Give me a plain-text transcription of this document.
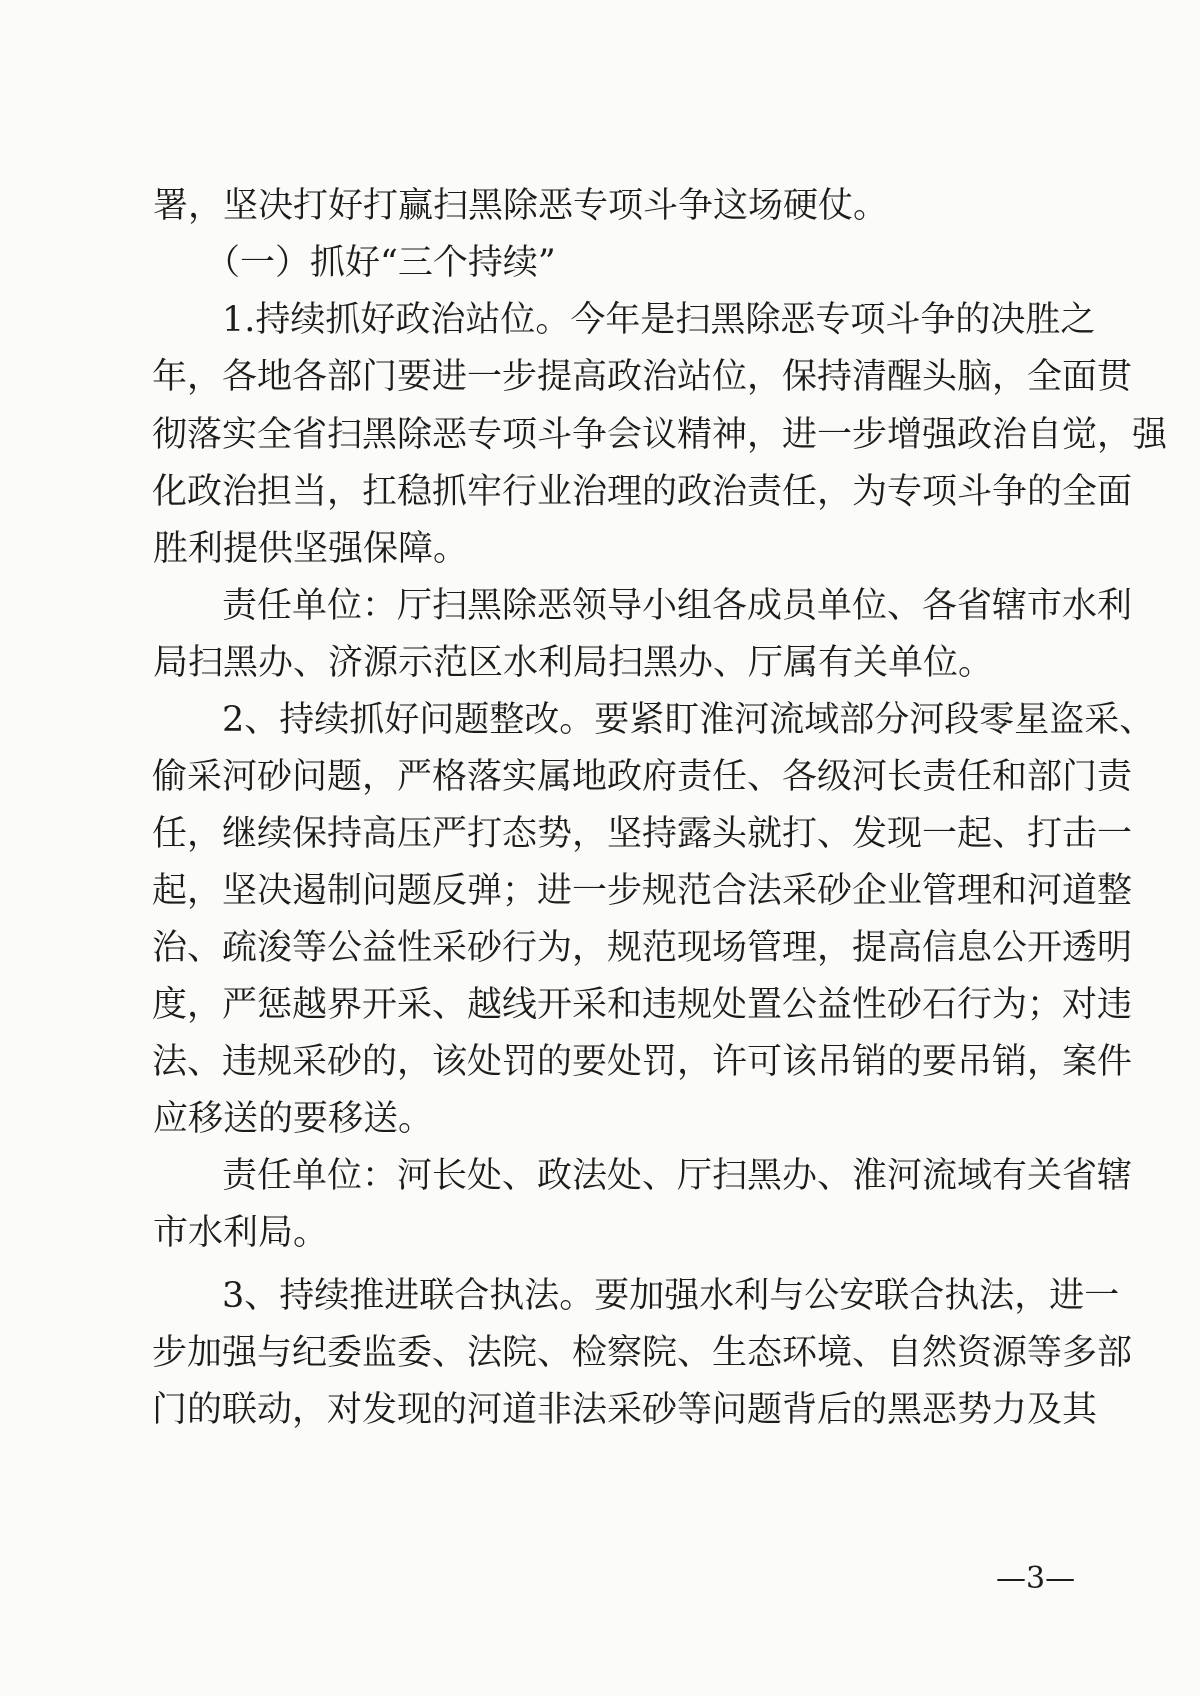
署，坚决打好打赢扫黑除恶专项斗争这场硬仗。
（一）抓好“三个持续”
1.持续抓好政治站位。今年是扫黑除恶专项斗争的决胜之
年，各地各部门要进一步提高政治站位，保持清醒头脑，全面贯
彻落实全省扫黑除恶专项斗争会议精神，进一步增强政治自觉，强
化政治担当，扛稳抓牢行业治理的政治责任，为专项斗争的全面
胜利提供坚强保障。
责任单位：厅扫黑除恶领导小组各成员单位、各省辖市水利
局扫黑办、济源示范区水利局扫黑办、厅属有关单位。
2、持续抓好问题整改。要紧盯淮河流域部分河段零星盗采、
偷采河砂问题，严格落实属地政府责任、各级河长责任和部门责
任，继续保持高压严打态势，坚持露头就打、发现一起、打击一
起，坚决遏制问题反弹；进一步规范合法采砂企业管理和河道整
治、疏浚等公益性采砂行为，规范现场管理，提高信息公开透明
度，严惩越界开采、越线开采和违规处置公益性砂石行为；对违
法、违规采砂的，该处罚的要处罚，许可该吊销的要吊销，案件
应移送的要移送。
责任单位：河长处、政法处、厅扫黑办、淮河流域有关省辖
市水利局。
3、持续推进联合执法。要加强水利与公安联合执法，进一
步加强与纪委监委、法院、检察院、生态环境、自然资源等多部
门的联动，对发现的河道非法采砂等问题背后的黑恶势力及其
—3—
